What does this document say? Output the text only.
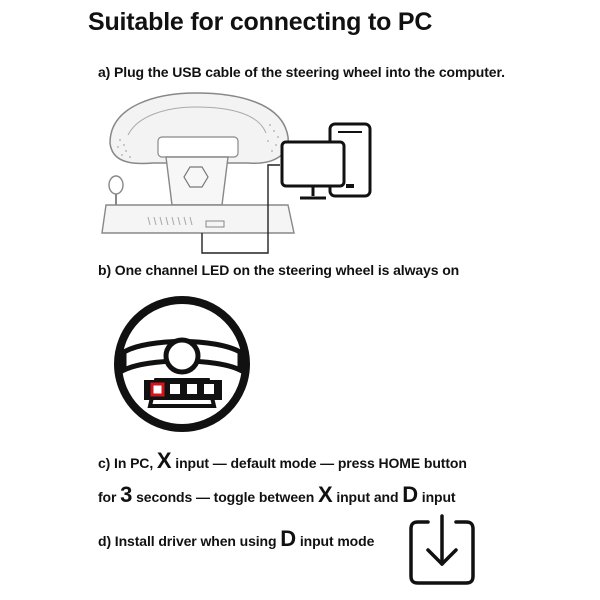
Suitable for connecting to PC
a) Plug the USB cable of the steering wheel into the computer.
b) One channel LED on the steering wheel is always on
c) In PC, X input — default mode — press HOME button
for 3 seconds — toggle between X input and D input
d) Install driver when using D input mode
